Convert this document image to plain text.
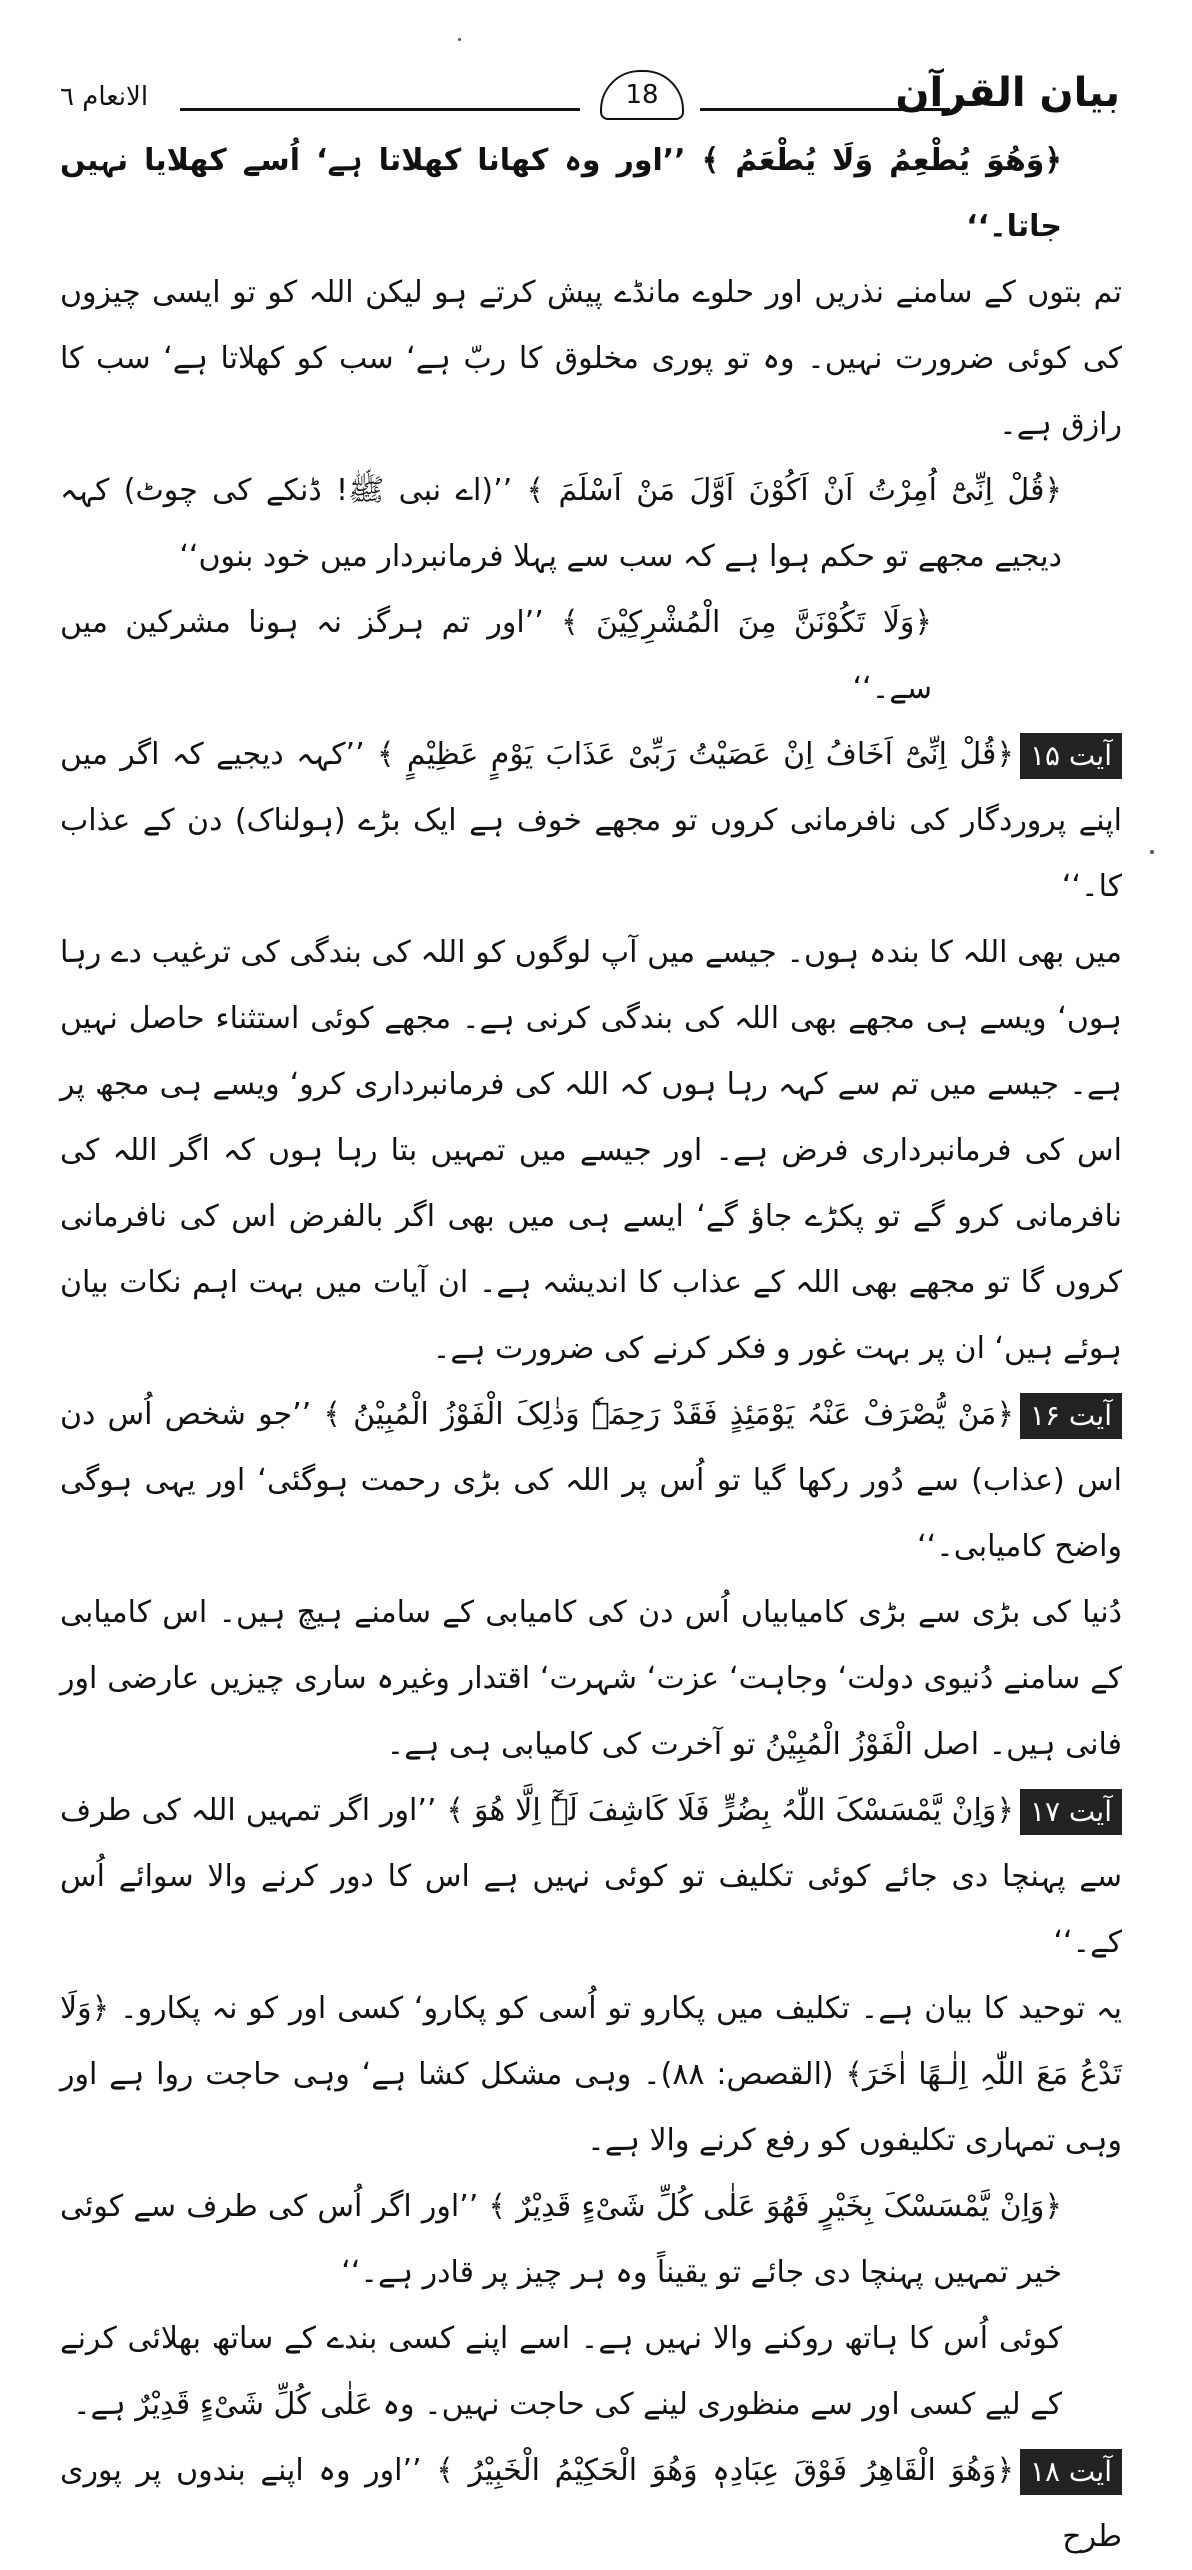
بیان القرآن
18
الانعام ٦

﴿وَھُوَ یُطْعِمُ وَلَا یُطْعَمُ ﴾ ’’اور وہ کھانا کھلاتا ہے‘ اُسے کھلایا نہیں جاتا۔‘‘

تم بتوں کے سامنے نذریں اور حلوے مانڈے پیش کرتے ہو لیکن اللہ کو تو ایسی چیزوں کی کوئی ضرورت نہیں۔ وہ تو پوری مخلوق کا ربّ ہے‘ سب کو کھلاتا ہے‘ سب کا رازق ہے۔

﴿قُلْ اِنِّیْٓ اُمِرْتُ اَنْ اَکُوْنَ اَوَّلَ مَنْ اَسْلَمَ ﴾ ’’(اے نبی ﷺ! ڈنکے کی چوٹ) کہہ دیجیے مجھے تو حکم ہوا ہے کہ سب سے پہلا فرمانبردار میں خود بنوں‘‘

﴿وَلَا تَکُوْنَنَّ مِنَ الْمُشْرِکِیْنَ ﴾ ’’اور تم ہرگز نہ ہونا مشرکین میں سے۔‘‘

آیت ۱۵﴿قُلْ اِنِّیْٓ اَخَافُ اِنْ عَصَیْتُ رَبِّیْ عَذَابَ یَوْمٍ عَظِیْمٍ ﴾ ’’کہہ دیجیے کہ اگر میں اپنے پروردگار کی نافرمانی کروں تو مجھے خوف ہے ایک بڑے (ہولناک) دن کے عذاب کا۔‘‘

میں بھی اللہ کا بندہ ہوں۔ جیسے میں آپ لوگوں کو اللہ کی بندگی کی ترغیب دے رہا ہوں‘ ویسے ہی مجھے بھی اللہ کی بندگی کرنی ہے۔ مجھے کوئی استثناء حاصل نہیں ہے۔ جیسے میں تم سے کہہ رہا ہوں کہ اللہ کی فرمانبرداری کرو‘ ویسے ہی مجھ پر اس کی فرمانبرداری فرض ہے۔ اور جیسے میں تمہیں بتا رہا ہوں کہ اگر اللہ کی نافرمانی کرو گے تو پکڑے جاؤ گے‘ ایسے ہی میں بھی اگر بالفرض اس کی نافرمانی کروں گا تو مجھے بھی اللہ کے عذاب کا اندیشہ ہے۔ ان آیات میں بہت اہم نکات بیان ہوئے ہیں‘ ان پر بہت غور و فکر کرنے کی ضرورت ہے۔

آیت ۱۶﴿مَنْ یُّصْرَفْ عَنْہُ یَوْمَئِذٍ فَقَدْ رَحِمَہٗ وَذٰلِکَ الْفَوْزُ الْمُبِیْنُ ﴾ ’’جو شخص اُس دن اس (عذاب) سے دُور رکھا گیا تو اُس پر اللہ کی بڑی رحمت ہوگئی‘ اور یہی ہوگی واضح کامیابی۔‘‘

دُنیا کی بڑی سے بڑی کامیابیاں اُس دن کی کامیابی کے سامنے ہیچ ہیں۔ اس کامیابی کے سامنے دُنیوی دولت‘ وجاہت‘ عزت‘ شہرت‘ اقتدار وغیرہ ساری چیزیں عارضی اور فانی ہیں۔ اصل الْفَوْزُ الْمُبِیْنُ تو آخرت کی کامیابی ہی ہے۔

آیت ۱۷﴿وَاِنْ یَّمْسَسْکَ اللّٰہُ بِضُرٍّ فَلَا کَاشِفَ لَہٗٓ اِلَّا ھُوَ ﴾ ’’اور اگر تمہیں اللہ کی طرف سے پہنچا دی جائے کوئی تکلیف تو کوئی نہیں ہے اس کا دور کرنے والا سوائے اُس کے۔‘‘

یہ توحید کا بیان ہے۔ تکلیف میں پکارو تو اُسی کو پکارو‘ کسی اور کو نہ پکارو۔ ﴿وَلَا تَدْعُ مَعَ اللّٰہِ اِلٰـھًا اٰخَرَ﴾ (القصص: ۸۸)۔ وہی مشکل کشا ہے‘ وہی حاجت روا ہے اور وہی تمہاری تکلیفوں کو رفع کرنے والا ہے۔

﴿وَاِنْ یَّمْسَسْکَ بِخَیْرٍ فَھُوَ عَلٰی کُلِّ شَیْءٍ قَدِیْرٌ ﴾ ’’اور اگر اُس کی طرف سے کوئی خیر تمہیں پہنچا دی جائے تو یقیناً وہ ہر چیز پر قادر ہے۔‘‘

کوئی اُس کا ہاتھ روکنے والا نہیں ہے۔ اسے اپنے کسی بندے کے ساتھ بھلائی کرنے کے لیے کسی اور سے منظوری لینے کی حاجت نہیں۔ وہ عَلٰی کُلِّ شَیْءٍ قَدِیْرٌ ہے۔

آیت ۱۸﴿وَھُوَ الْقَاھِرُ فَوْقَ عِبَادِہٖ وَھُوَ الْحَکِیْمُ الْخَبِیْرُ ﴾ ’’اور وہ اپنے بندوں پر پوری طرح
